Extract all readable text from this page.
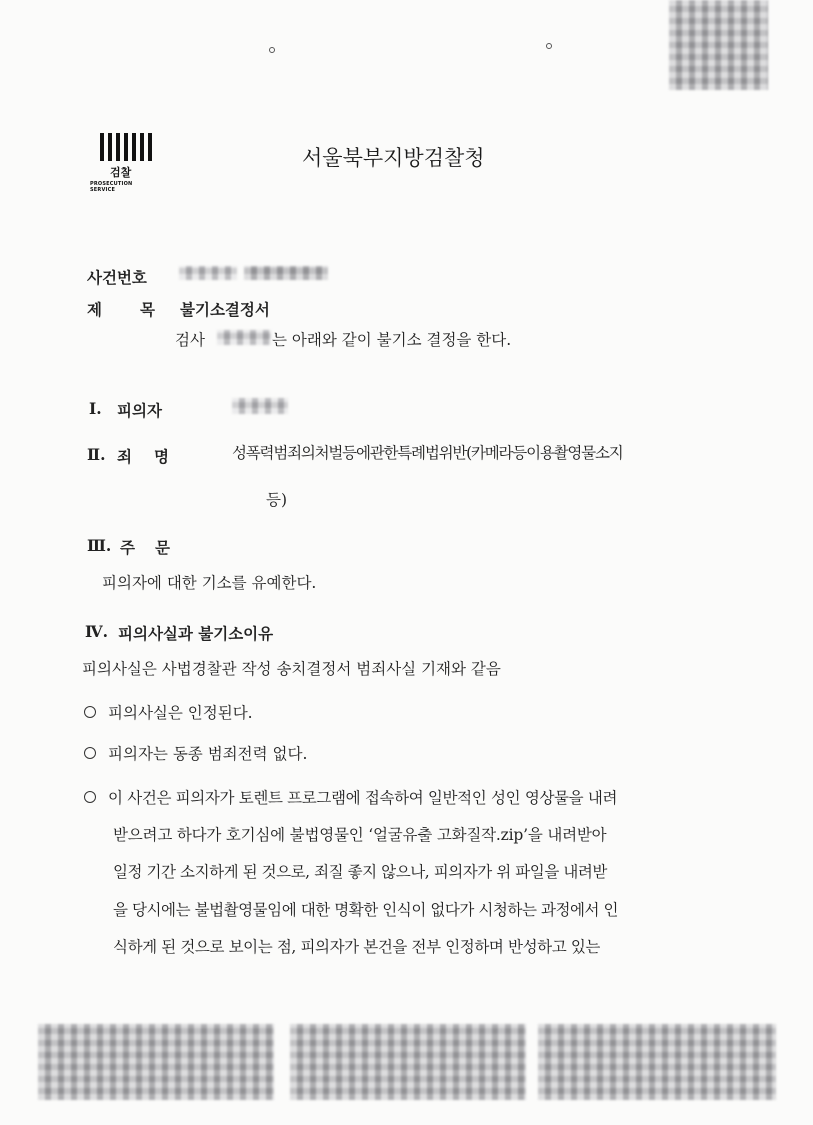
검찰
PROSECUTION SERVICE
서울북부지방검찰청
사건번호
제 목 불기소결정서
검사	는 아래와 같이 불기소 결정을 한다.
Ⅰ. 피의자
Ⅱ. 죄 명	성폭력범죄의처벌등에관한특례법위반(카메라등이용촬영물소지
등)
Ⅲ. 주 문
피의자에 대한 기소를 유예한다.
Ⅳ. 피의사실과 불기소이유
피의사실은 사법경찰관 작성 송치결정서 범죄사실 기재와 같음
피의사실은 인정된다.
피의자는 동종 범죄전력 없다.
이 사건은 피의자가 토렌트 프로그램에 접속하여 일반적인 성인 영상물을 내려
받으려고 하다가 호기심에 불법영물인 ‘얼굴유출 고화질작.zip’을 내려받아
일정 기간 소지하게 된 것으로, 죄질 좋지 않으나, 피의자가 위 파일을 내려받
을 당시에는 불법촬영물임에 대한 명확한 인식이 없다가 시청하는 과정에서 인
식하게 된 것으로 보이는 점, 피의자가 본건을 전부 인정하며 반성하고 있는
